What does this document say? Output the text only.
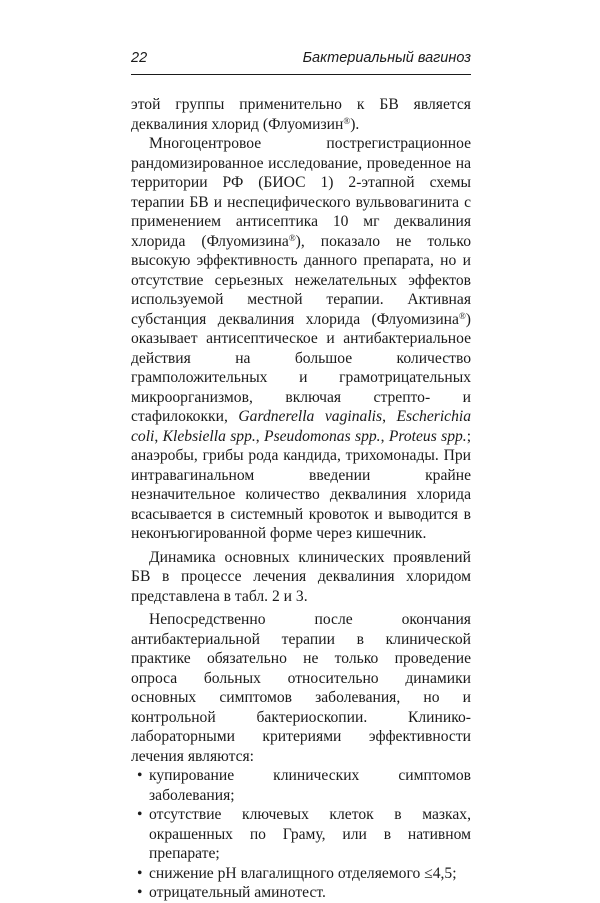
22	Бактериальный вагиноз

этой группы применительно к БВ является деквалиния хлорид (Флуомизин®).

Многоцентровое пострегистрационное рандомизированное исследование, проведенное на территории РФ (БИОС 1) 2-этапной схемы терапии БВ и неспецифического вульвовагинита с применением антисептика 10 мг деквалиния хлорида (Флуомизина®), показало не только высокую эффективность данного препарата, но и отсутствие серьезных нежелательных эффектов используемой местной терапии. Активная субстанция деквалиния хлорида (Флуомизина®) оказывает антисептическое и антибактериальное действия на большое количество грамположительных и грамотрицательных микроорганизмов, включая стрепто- и стафилококки, Gardnerella vaginalis, Escherichia coli, Klebsiella spp., Pseudomonas spp., Proteus spp.; анаэробы, грибы рода кандида, трихомонады. При интравагинальном введении крайне незначительное количество деквалиния хлорида всасывается в системный кровоток и выводится в неконъюгированной форме через кишечник.

Динамика основных клинических проявлений БВ в процессе лечения деквалиния хлоридом представлена в табл. 2 и 3.

Непосредственно после окончания антибактериальной терапии в клинической практике обязательно не только проведение опроса больных относительно динамики основных симптомов заболевания, но и контрольной бактериоскопии. Клинико-лабораторными критериями эффективности лечения являются:

• купирование клинических симптомов заболевания;
• отсутствие ключевых клеток в мазках, окрашенных по Граму, или в нативном препарате;
• снижение pH влагалищного отделяемого ≤4,5;
• отрицательный аминотест.
